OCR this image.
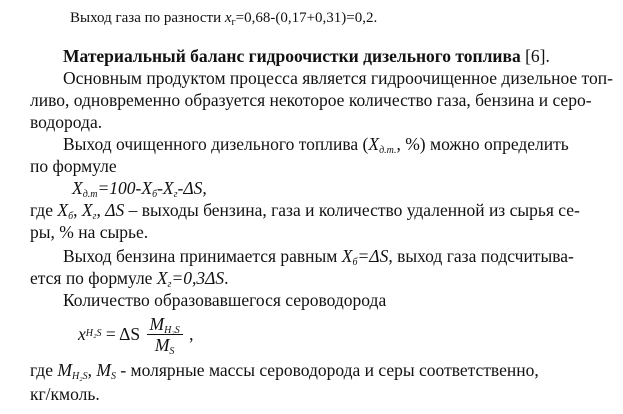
Выход газа по разности $x_г=0,68-(0,17+0,31)=0,2$.
Материальный баланс гидроочистки дизельного топлива [6].
Основным продуктом процесса является гидроочищенное дизельное топ-
ливо, одновременно образуется некоторое количество газа, бензина и серо-
водорода.
Выход очищенного дизельного топлива ($X_{д.т.}$, %) можно определить
по формуле
$X_{д.т}=100-X_б-X_г-\Delta S$,
где $X_б$, $X_г$, ΔS – выходы бензина, газа и количество удаленной из сырья се-
ры, % на сырье.
Выход бензина принимается равным $X_б=\Delta S$, выход газа подсчитыва-
ется по формуле $X_г=0,3\Delta S$.
Количество образовавшегося сероводорода
x H₂S = ΔS $\frac{M_{H_2S}}{M_S}$ ,
где $M_{H_2S}$, $M_S$ - молярные массы сероводорода и серы соответственно,
кг/кмоль.
